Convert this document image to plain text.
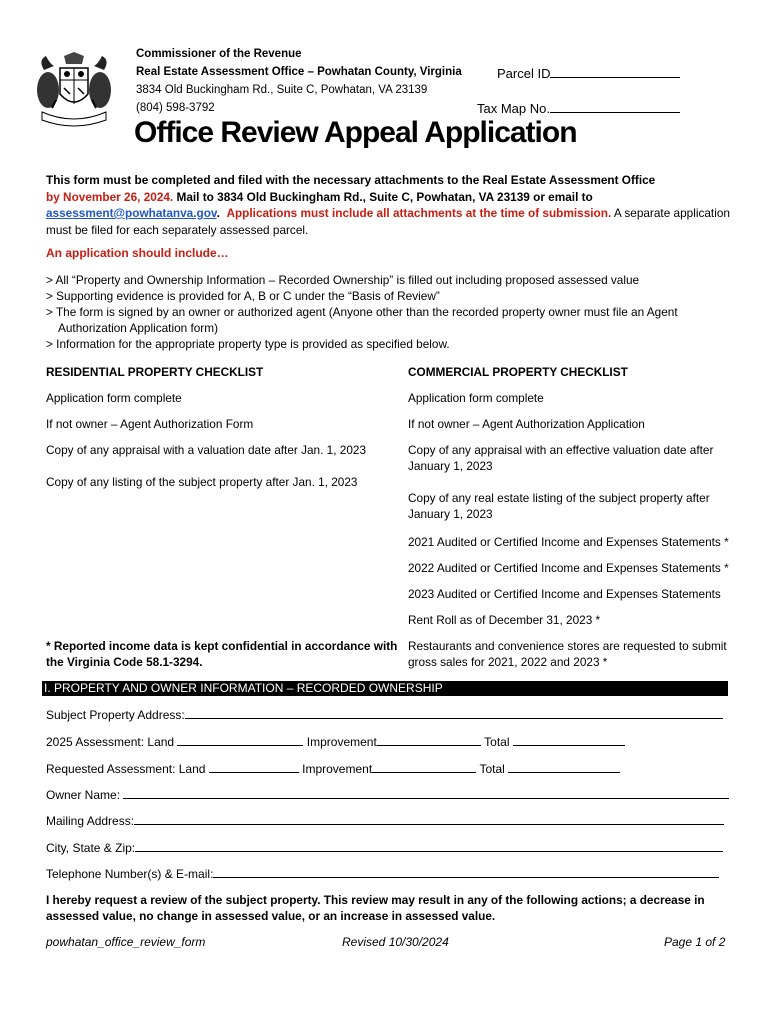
Commissioner of the Revenue
Real Estate Assessment Office – Powhatan County, Virginia
3834 Old Buckingham Rd., Suite C, Powhatan, VA 23139
(804) 598-3792
Parcel ID
Tax Map No.
Office Review Appeal Application
This form must be completed and filed with the necessary attachments to the Real Estate Assessment Office
by November 26, 2024. Mail to 3834 Old Buckingham Rd., Suite C, Powhatan, VA 23139 or email to
assessment@powhatanva.gov. Applications must include all attachments at the time of submission. A separate application must be filed for each separately assessed parcel.
An application should include…
> All “Property and Ownership Information – Recorded Ownership” is filled out including proposed assessed value
> Supporting evidence is provided for A, B or C under the “Basis of Review”
> The form is signed by an owner or authorized agent (Anyone other than the recorded property owner must file an Agent
Authorization Application form)
> Information for the appropriate property type is provided as specified below.
RESIDENTIAL PROPERTY CHECKLIST
Application form complete
If not owner – Agent Authorization Form
Copy of any appraisal with a valuation date after Jan. 1, 2023
Copy of any listing of the subject property after Jan. 1, 2023
* Reported income data is kept confidential in accordance with the Virginia Code 58.1-3294.
COMMERCIAL PROPERTY CHECKLIST
Application form complete
If not owner – Agent Authorization Application
Copy of any appraisal with an effective valuation date after January 1, 2023
Copy of any real estate listing of the subject property after January 1, 2023
2021 Audited or Certified Income and Expenses Statements *
2022 Audited or Certified Income and Expenses Statements *
2023 Audited or Certified Income and Expenses Statements
Rent Roll as of December 31, 2023 *
Restaurants and convenience stores are requested to submit gross sales for 2021, 2022 and 2023 *
I. PROPERTY AND OWNER INFORMATION – RECORDED OWNERSHIP
Subject Property Address:
2025 Assessment: Land

	Improvement
	Total

Requested Assessment: Land

	Improvement
	Total

Owner Name:

Mailing Address:
City, State & Zip:
Telephone Number(s) & E-mail:
I hereby request a review of the subject property. This review may result in any of the following actions; a decrease in assessed value, no change in assessed value, or an increase in assessed value.
powhatan_office_review_form	Revised 10/30/2024	Page 1 of 2
